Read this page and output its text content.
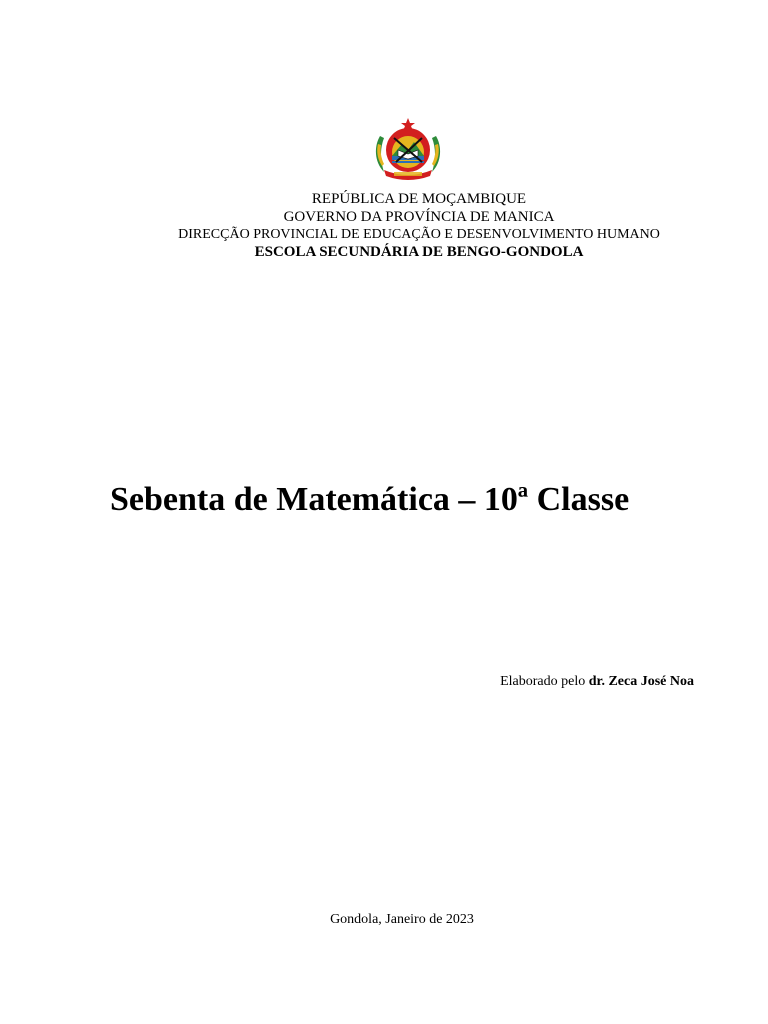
REPÚBLICA DE MOÇAMBIQUE
GOVERNO DA PROVÍNCIA DE MANICA
DIRECÇÃO PROVINCIAL DE EDUCAÇÃO E DESENVOLVIMENTO HUMANO
ESCOLA SECUNDÁRIA DE BENGO-GONDOLA
Sebenta de Matemática – 10ª Classe
Elaborado pelo dr. Zeca José Noa
Gondola, Janeiro de 2023
